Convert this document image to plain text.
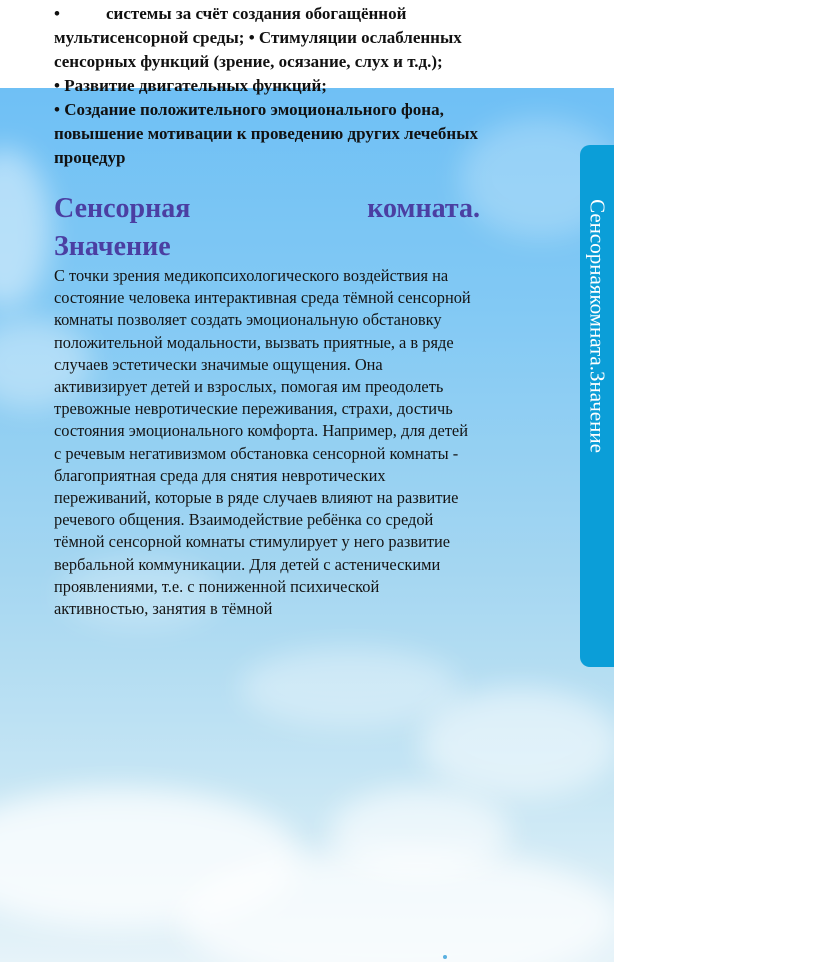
•	системы за счёт создания обогащённой мультисенсорной среды; • Стимуляции ослабленных сенсорных функций (зрение, осязание, слух и т.д.);

• Развитие двигательных функций;

• Создание положительного эмоционального фона, повышение мотивации к проведению других лечебных процедур

Сенсорная	комната.
Значение

С точки зрения медикопсихологического воздействия на состояние человека интерактивная среда тёмной сенсорной комнаты позволяет создать эмоциональную обстановку положительной модальности, вызвать приятные, а в ряде случаев эстетически значимые ощущения. Она активизирует детей и взрослых, помогая им преодолеть тревожные невротические переживания, страхи, достичь состояния эмоционального комфорта. Например, для детей с речевым негативизмом обстановка сенсорной комнаты - благоприятная среда для снятия невротических переживаний, которые в ряде случаев влияют на развитие речевого общения. Взаимодействие ребёнка со средой тёмной сенсорной комнаты стимулирует у него развитие вербальной коммуникации. Для детей с астеническими проявлениями, т.е. с пониженной психической активностью, занятия в тёмной

Сенсорнаякомната.Значение
